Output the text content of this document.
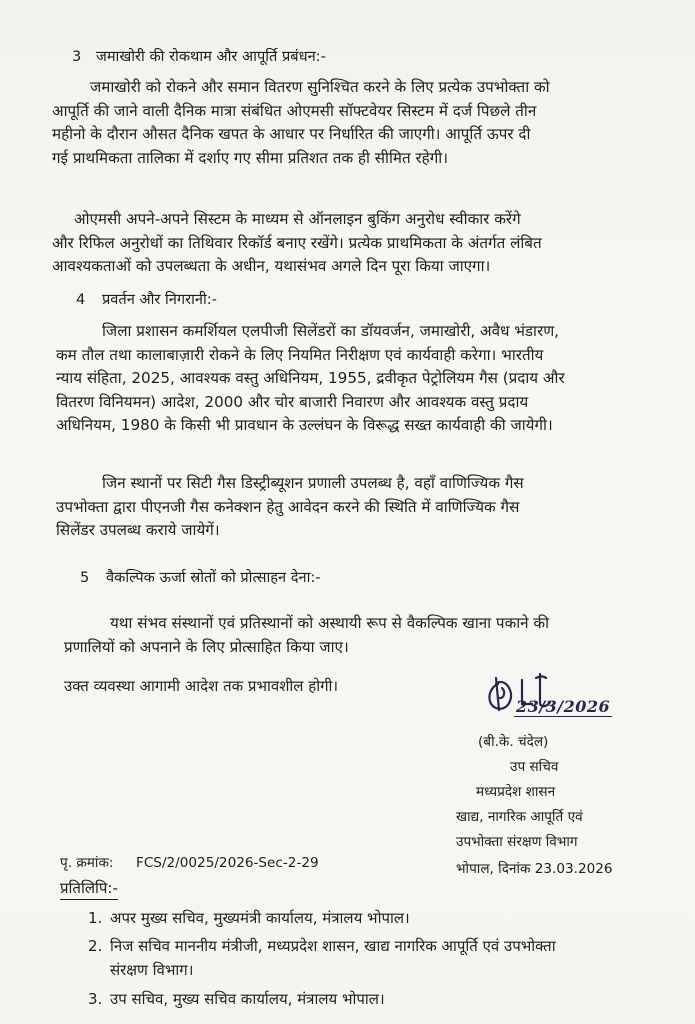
3 जमाखोरी की रोकथाम और आपूर्ति प्रबंधन:-
जमाखोरी को रोकने और समान वितरण सुनिश्चित करने के लिए प्रत्येक उपभोक्ता को
आपूर्ति की जाने वाली दैनिक मात्रा संबंधित ओएमसी सॉफ्टवेयर सिस्टम में दर्ज पिछले तीन
महीनो के दौरान औसत दैनिक खपत के आधार पर निर्धारित की जाएगी। आपूर्ति ऊपर दी
गई प्राथमिकता तालिका में दर्शाए गए सीमा प्रतिशत तक ही सीमित रहेगी।
ओएमसी अपने-अपने सिस्टम के माध्यम से ऑनलाइन बुकिंग अनुरोध स्वीकार करेंगे
और रिफिल अनुरोधों का तिथिवार रिकॉर्ड बनाए रखेंगे। प्रत्येक प्राथमिकता के अंतर्गत लंबित
आवश्यकताओं को उपलब्धता के अधीन, यथासंभव अगले दिन पूरा किया जाएगा।
4 प्रवर्तन और निगरानी:-
जिला प्रशासन कमर्शियल एलपीजी सिलेंडरों का डॉयवर्जन, जमाखोरी, अवैध भंडारण,
कम तौल तथा कालाबाज़ारी रोकने के लिए नियमित निरीक्षण एवं कार्यवाही करेगा। भारतीय
न्याय संहिता, 2025, आवश्यक वस्तु अधिनियम, 1955, द्रवीकृत पेट्रोलियम गैस (प्रदाय और
वितरण विनियमन) आदेश, 2000 और चोर बाजारी निवारण और आवश्यक वस्तु प्रदाय
अधिनियम, 1980 के किसी भी प्रावधान के उल्लंघन के विरूद्ध सख्त कार्यवाही की जायेगी।
जिन स्थानों पर सिटी गैस डिस्ट्रीब्यूशन प्रणाली उपलब्ध है, वहाँ वाणिज्यिक गैस
उपभोक्ता द्वारा पीएनजी गैस कनेक्शन हेतु आवेदन करने की स्थिति में वाणिज्यिक गैस
सिलेंडर उपलब्ध कराये जायेगें।
5 वैकल्पिक ऊर्जा स्रोतों को प्रोत्साहन देना:-
यथा संभव संस्थानों एवं प्रतिस्थानों को अस्थायी रूप से वैकल्पिक खाना पकाने की
प्रणालियों को अपनाने के लिए प्रोत्साहित किया जाए।
उक्त व्यवस्था आगामी आदेश तक प्रभावशील होगी।
23/3/2026
(बी.के. चंदेल)
उप सचिव
मध्यप्रदेश शासन
खाद्य, नागरिक आपूर्ति एवं
उपभोक्ता संरक्षण विभाग
भोपाल, दिनांक 23.03.2026
पृ. क्रमांक: FCS/2/0025/2026-Sec-2-29
प्रतिलिपि:-
1. अपर मुख्य सचिव, मुख्यमंत्री कार्यालय, मंत्रालय भोपाल।
2. निज सचिव माननीय मंत्रीजी, मध्यप्रदेश शासन, खाद्य नागरिक आपूर्ति एवं उपभोक्ता
संरक्षण विभाग।
3. उप सचिव, मुख्य सचिव कार्यालय, मंत्रालय भोपाल।
